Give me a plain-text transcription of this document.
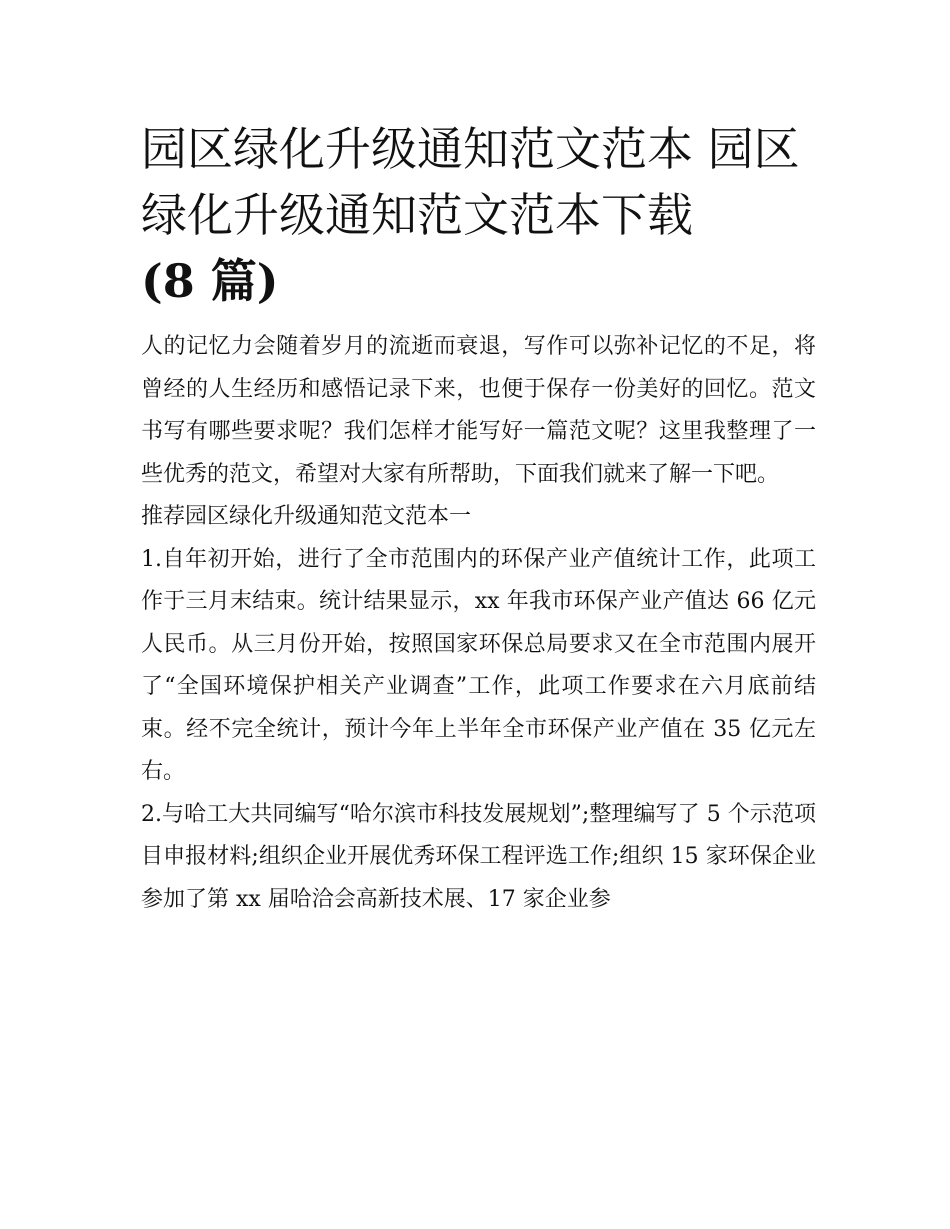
园区绿化升级通知范文范本 园区绿化升级通知范文范本下载
(8 篇)

人的记忆力会随着岁月的流逝而衰退，写作可以弥补记忆的不足，将曾经的人生经历和感悟记录下来，也便于保存一份美好的回忆。范文书写有哪些要求呢？我们怎样才能写好一篇范文呢？这里我整理了一些优秀的范文，希望对大家有所帮助，下面我们就来了解一下吧。

推荐园区绿化升级通知范文范本一

1.自年初开始，进行了全市范围内的环保产业产值统计工作，此项工作于三月末结束。统计结果显示，xx 年我市环保产业产值达 66 亿元人民币。从三月份开始，按照国家环保总局要求又在全市范围内展开了“全国环境保护相关产业调查”工作，此项工作要求在六月底前结束。经不完全统计，预计今年上半年全市环保产业产值在 35 亿元左右。

2.与哈工大共同编写“哈尔滨市科技发展规划”;整理编写了 5 个示范项目申报材料;组织企业开展优秀环保工程评选工作;组织 15 家环保企业参加了第 xx 届哈洽会高新技术展、17 家企业参
